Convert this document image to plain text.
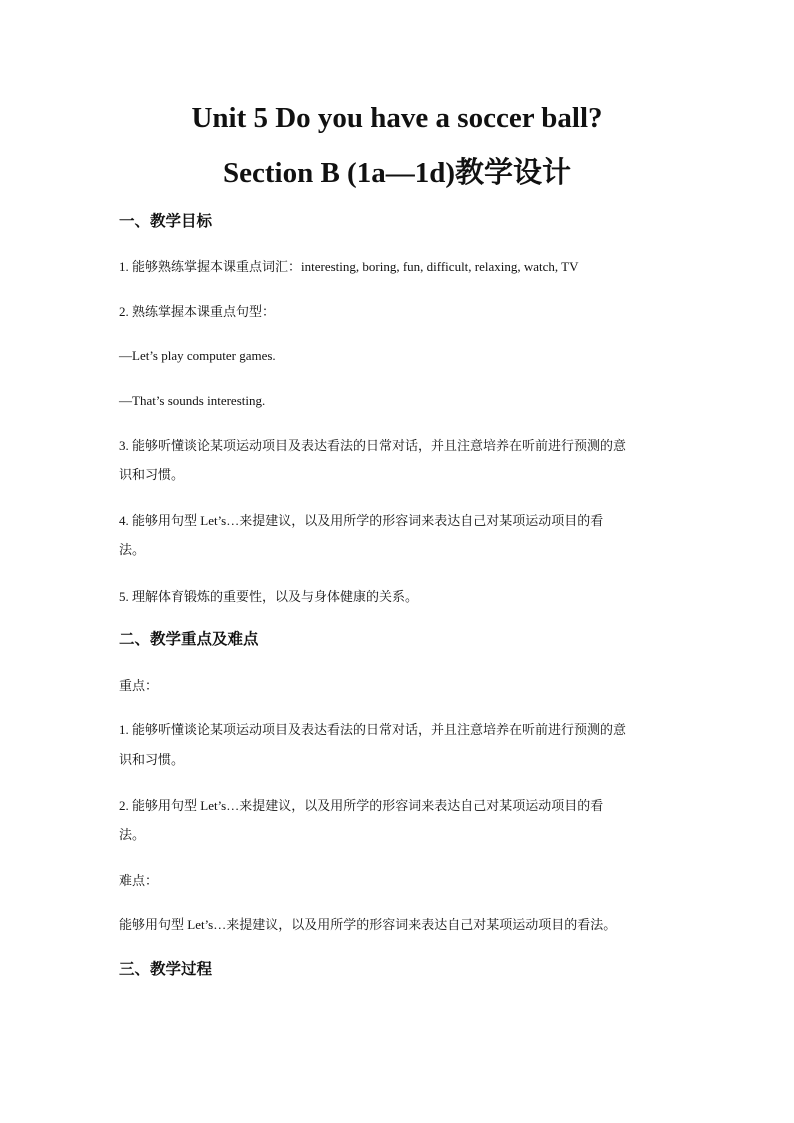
Unit 5 Do you have a soccer ball?
Section B (1a—1d)教学设计
一、教学目标
1. 能够熟练掌握本课重点词汇：interesting, boring, fun, difficult, relaxing, watch, TV
2. 熟练掌握本课重点句型：
—Let’s play computer games.
—That’s sounds interesting.
3. 能够听懂谈论某项运动项目及表达看法的日常对话，并且注意培养在听前进行预测的意
识和习惯。
4. 能够用句型 Let’s…来提建议，以及用所学的形容词来表达自己对某项运动项目的看
法。
5. 理解体育锻炼的重要性，以及与身体健康的关系。
二、教学重点及难点
重点：
1. 能够听懂谈论某项运动项目及表达看法的日常对话，并且注意培养在听前进行预测的意
识和习惯。
2. 能够用句型 Let’s…来提建议，以及用所学的形容词来表达自己对某项运动项目的看
法。
难点：
能够用句型 Let’s…来提建议，以及用所学的形容词来表达自己对某项运动项目的看法。
三、教学过程
